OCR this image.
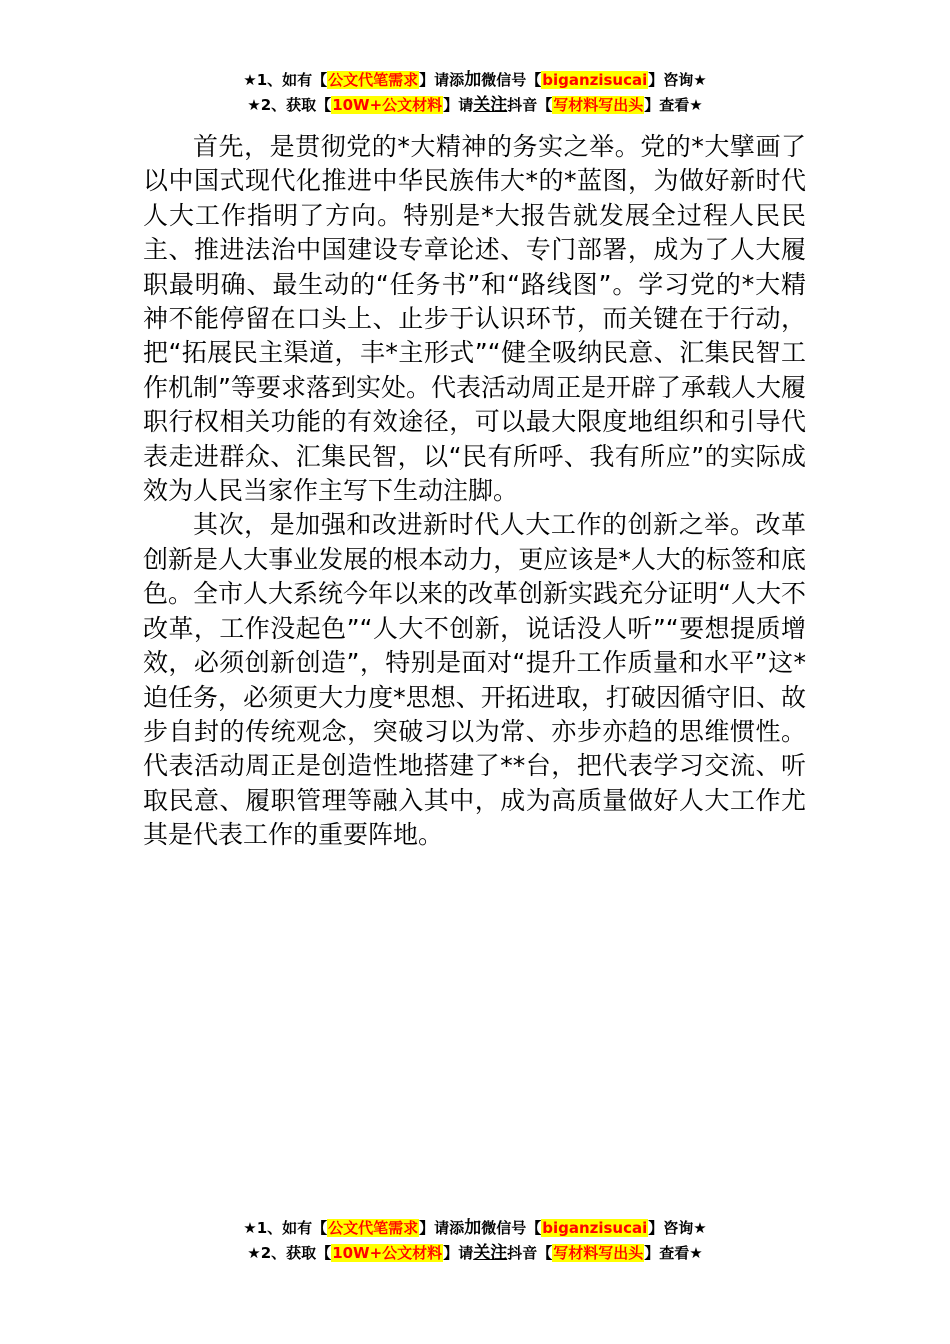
★1、如有【公文代笔需求】请添加微信号【biganzisucai】咨询★
★2、获取【10W+公文材料】请关注抖音【写材料写出头】查看★

首先，是贯彻党的*大精神的务实之举。党的*大擘画了以中国式现代化推进中华民族伟大*的*蓝图，为做好新时代人大工作指明了方向。特别是*大报告就发展全过程人民民主、推进法治中国建设专章论述、专门部署，成为了人大履职最明确、最生动的“任务书”和“路线图”。学习党的*大精神不能停留在口头上、止步于认识环节，而关键在于行动，把“拓展民主渠道，丰*主形式”“健全吸纳民意、汇集民智工作机制”等要求落到实处。代表活动周正是开辟了承载人大履职行权相关功能的有效途径，可以最大限度地组织和引导代表走进群众、汇集民智，以“民有所呼、我有所应”的实际成效为人民当家作主写下生动注脚。

其次，是加强和改进新时代人大工作的创新之举。改革创新是人大事业发展的根本动力，更应该是*人大的标签和底色。全市人大系统今年以来的改革创新实践充分证明“人大不改革，工作没起色”“人大不创新，说话没人听”“要想提质增效，必须创新创造”，特别是面对“提升工作质量和水平”这*迫任务，必须更大力度*思想、开拓进取，打破因循守旧、故步自封的传统观念，突破习以为常、亦步亦趋的思维惯性。代表活动周正是创造性地搭建了**台，把代表学习交流、听取民意、履职管理等融入其中，成为高质量做好人大工作尤其是代表工作的重要阵地。

★1、如有【公文代笔需求】请添加微信号【biganzisucai】咨询★
★2、获取【10W+公文材料】请关注抖音【写材料写出头】查看★
